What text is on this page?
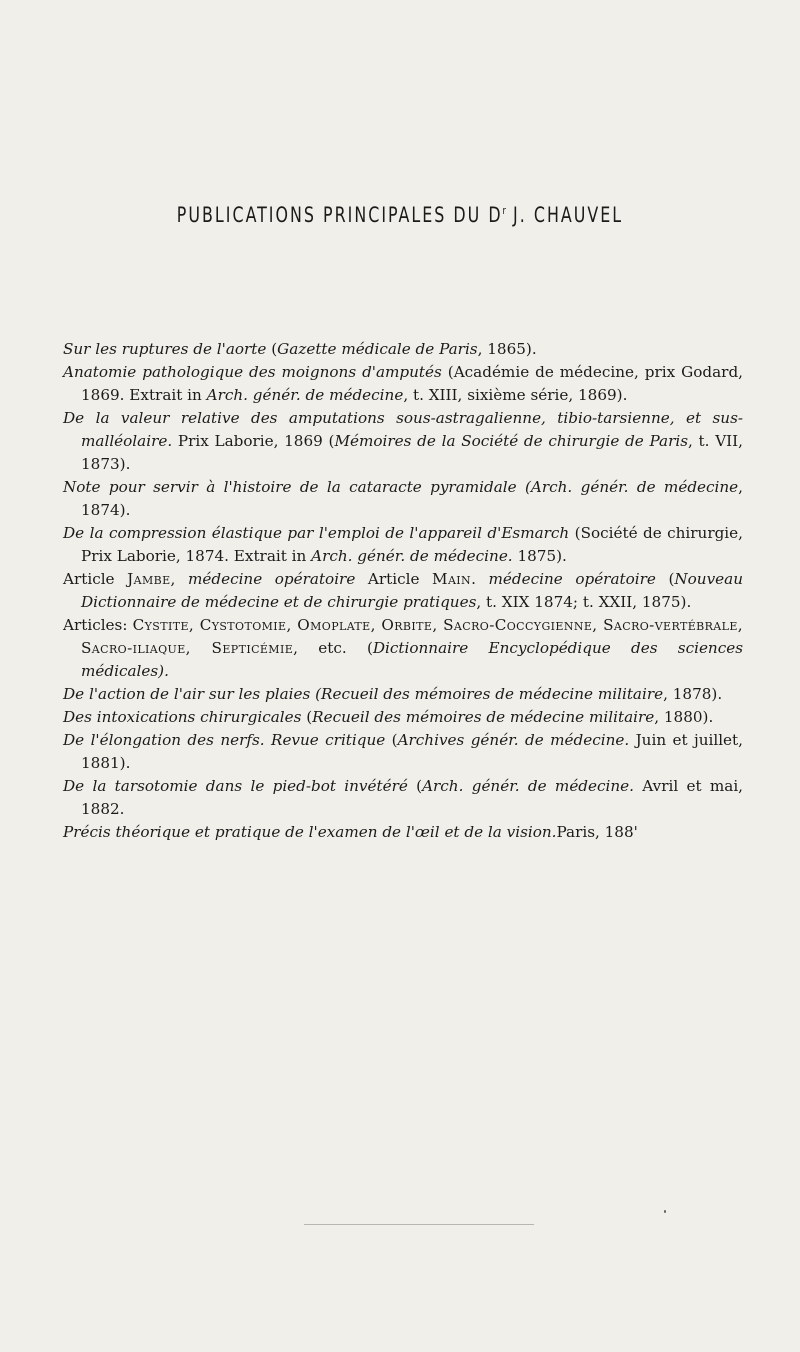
PUBLICATIONS PRINCIPALES DU $D^r$ J. CHAUVEL

Sur les ruptures de l'aorte (Gazette médicale de Paris, 1865).

Anatomie pathologique des moignons d'amputés (Académie de médecine, prix Godard, 1869. Extrait in Arch. génér. de médecine, t. XIII, sixième série, 1869).

De la valeur relative des amputations sous-astragalienne, tibio-tarsienne, et sus-malléolaire. Prix Laborie, 1869 (Mémoires de la Société de chirurgie de Paris, t. VII, 1873).

Note pour servir à l'histoire de la cataracte pyramidale (Arch. génér. de médecine, 1874).

De la compression élastique par l'emploi de l'appareil d'Esmarch (Société de chirurgie, Prix Laborie, 1874. Extrait in Arch. génér. de médecine. 1875).

Article Jambe, médecine opératoire Article Main. médecine opératoire (Nouveau Dictionnaire de médecine et de chirurgie pratiques, t. XIX 1874; t. XXII, 1875).

Articles: Cystite, Cystotomie, Omoplate, Orbite, Sacro-Coccygienne, Sacro-vertébrale, Sacro-iliaque, Septicémie, etc. (Dictionnaire Encyclopédique des sciences médicales).

De l'action de l'air sur les plaies (Recueil des mémoires de médecine militaire, 1878).

Des intoxications chirurgicales (Recueil des mémoires de médecine militaire, 1880).

De l'élongation des nerfs. Revue critique (Archives génér. de médecine. Juin et juillet, 1881).

De la tarsotomie dans le pied-bot invétéré (Arch. génér. de médecine. Avril et mai, 1882.

Précis théorique et pratique de l'examen de l'œil et de la vision.Paris, 188'
